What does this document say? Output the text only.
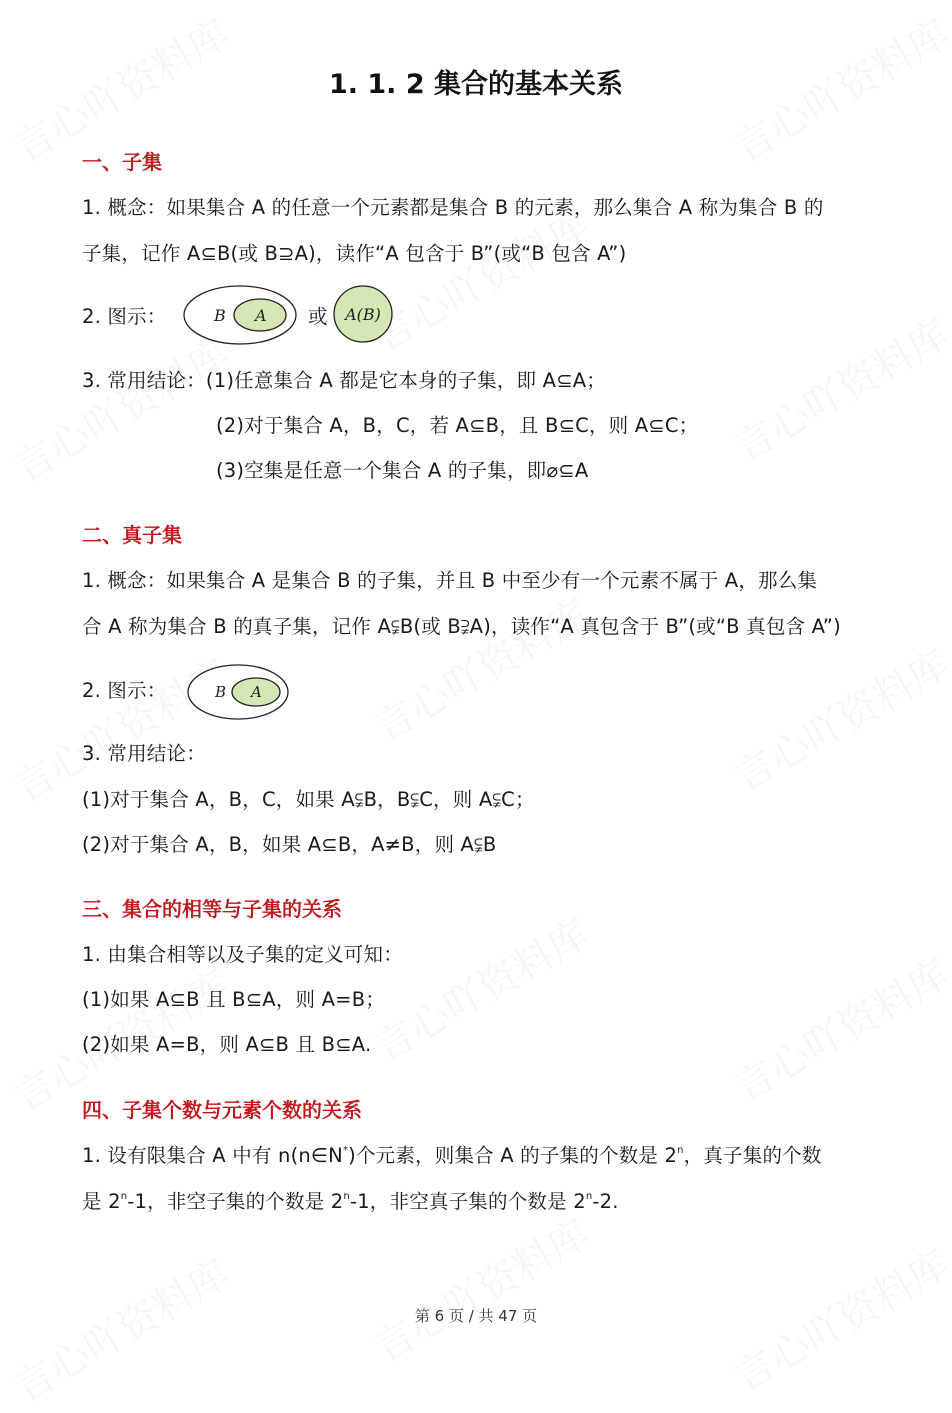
1. 1. 2 集合的基本关系
一、子集
1. 概念：如果集合 A 的任意一个元素都是集合 B 的元素，那么集合 A 称为集合 B 的
子集，记作 A⊆B(或 B⊇A)，读作“A 包含于 B”(或“B 包含 A”)
2. 图示：	B A 或 A(B)
3. 常用结论：(1)任意集合 A 都是它本身的子集，即 A⊆A；
(2)对于集合 A，B，C，若 A⊆B，且 B⊆C，则 A⊆C；
(3)空集是任意一个集合 A 的子集，即⌀⊆A
二、真子集
1. 概念：如果集合 A 是集合 B 的子集，并且 B 中至少有一个元素不属于 A，那么集
合 A 称为集合 B 的真子集，记作 A⫋B(或 B⫌A)，读作“A 真包含于 B”(或“B 真包含 A”)
2. 图示：	B A
3. 常用结论：
(1)对于集合 A，B，C，如果 A⫋B，B⫋C，则 A⫋C；
(2)对于集合 A，B，如果 A⊆B，A≠B，则 A⫋B
三、集合的相等与子集的关系
1. 由集合相等以及子集的定义可知：
(1)如果 A⊆B 且 B⊆A，则 A=B；
(2)如果 A=B，则 A⊆B 且 B⊆A.
四、子集个数与元素个数的关系
1. 设有限集合 A 中有 n(n∈N*)个元素，则集合 A 的子集的个数是 2$^n$，真子集的个数
是 2$^n$-1，非空子集的个数是 2$^n$-1，非空真子集的个数是 2$^n$-2.
第 6 页 / 共 47 页
